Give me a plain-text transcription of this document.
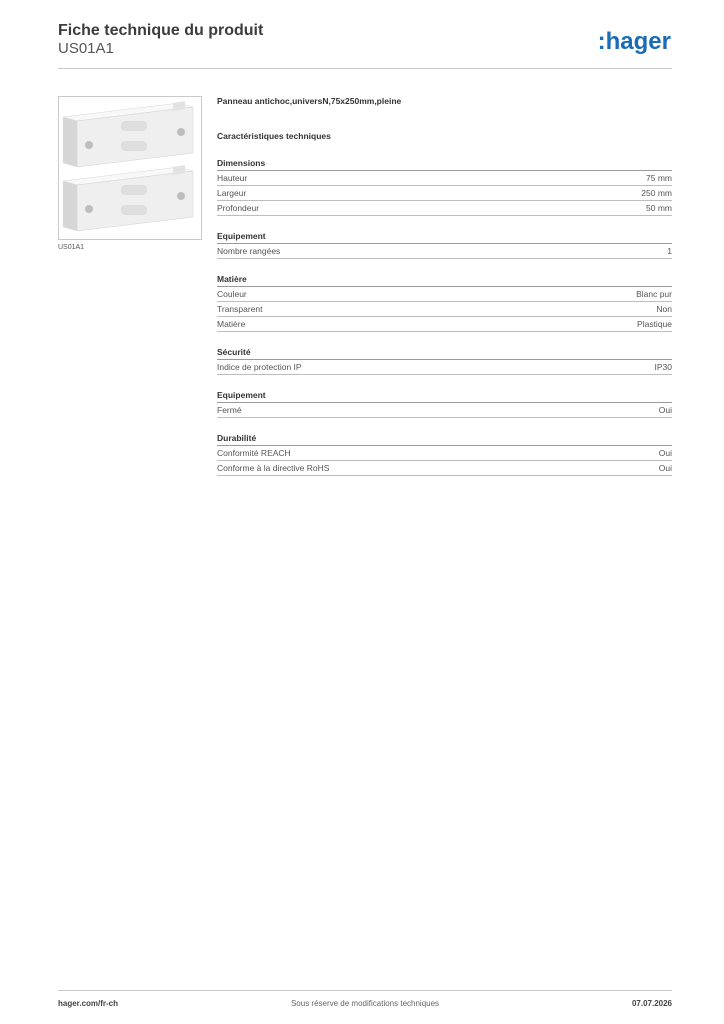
Fiche technique du produit
US01A1	:hager
US01A1
Panneau antichoc,universN,75x250mm,pleine
Caractéristiques techniques
Dimensions
Hauteur	75 mm
Largeur	250 mm
Profondeur	50 mm
Equipement
Nombre rangées	1
Matière
Couleur	Blanc pur
Transparent	Non
Matière	Plastique
Sécurité
Indice de protection IP	IP30
Equipement
Fermé	Oui
Durabilité
Conformité REACH	Oui
Conforme à la directive RoHS	Oui
hager.com/fr-ch	Sous réserve de modifications techniques	07.07.2026
